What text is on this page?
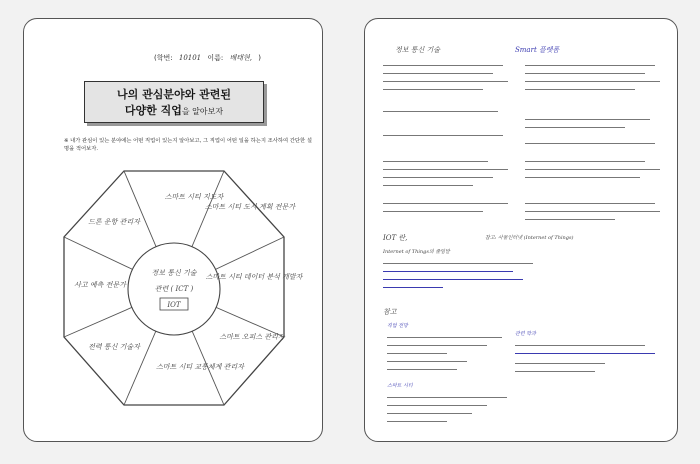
(학번: 10101 이름: 배태현, )
나의 관심분야와 관련된
다양한 직업을 알아보자
※ 내가 관심이 있는 분야에는 어떤 직업이 있는지 알아보고, 그 직업이 어떤 일을 하는지 조사하여 간단한 설명을 적어보자.
정보 통신 기술
관련 ( ICT )
IOT
스마트 시티 지도자
스마트 시티 도시 계획 전문가
스마트 시티 데이터 분석 개발자
스마트 오피스 관리자
스마트 시티 교통체계 관리자
전력 통신 기술자
사고 예측 전문가
드론 운항 관리자
정보 통신 기술	Smart 플랫폼
IOT 란,
Internet of Things의 줄임말
참고: 사물인터넷 (Internet of Things)
참고
직업 전망
관련 학과
스마트 시티
